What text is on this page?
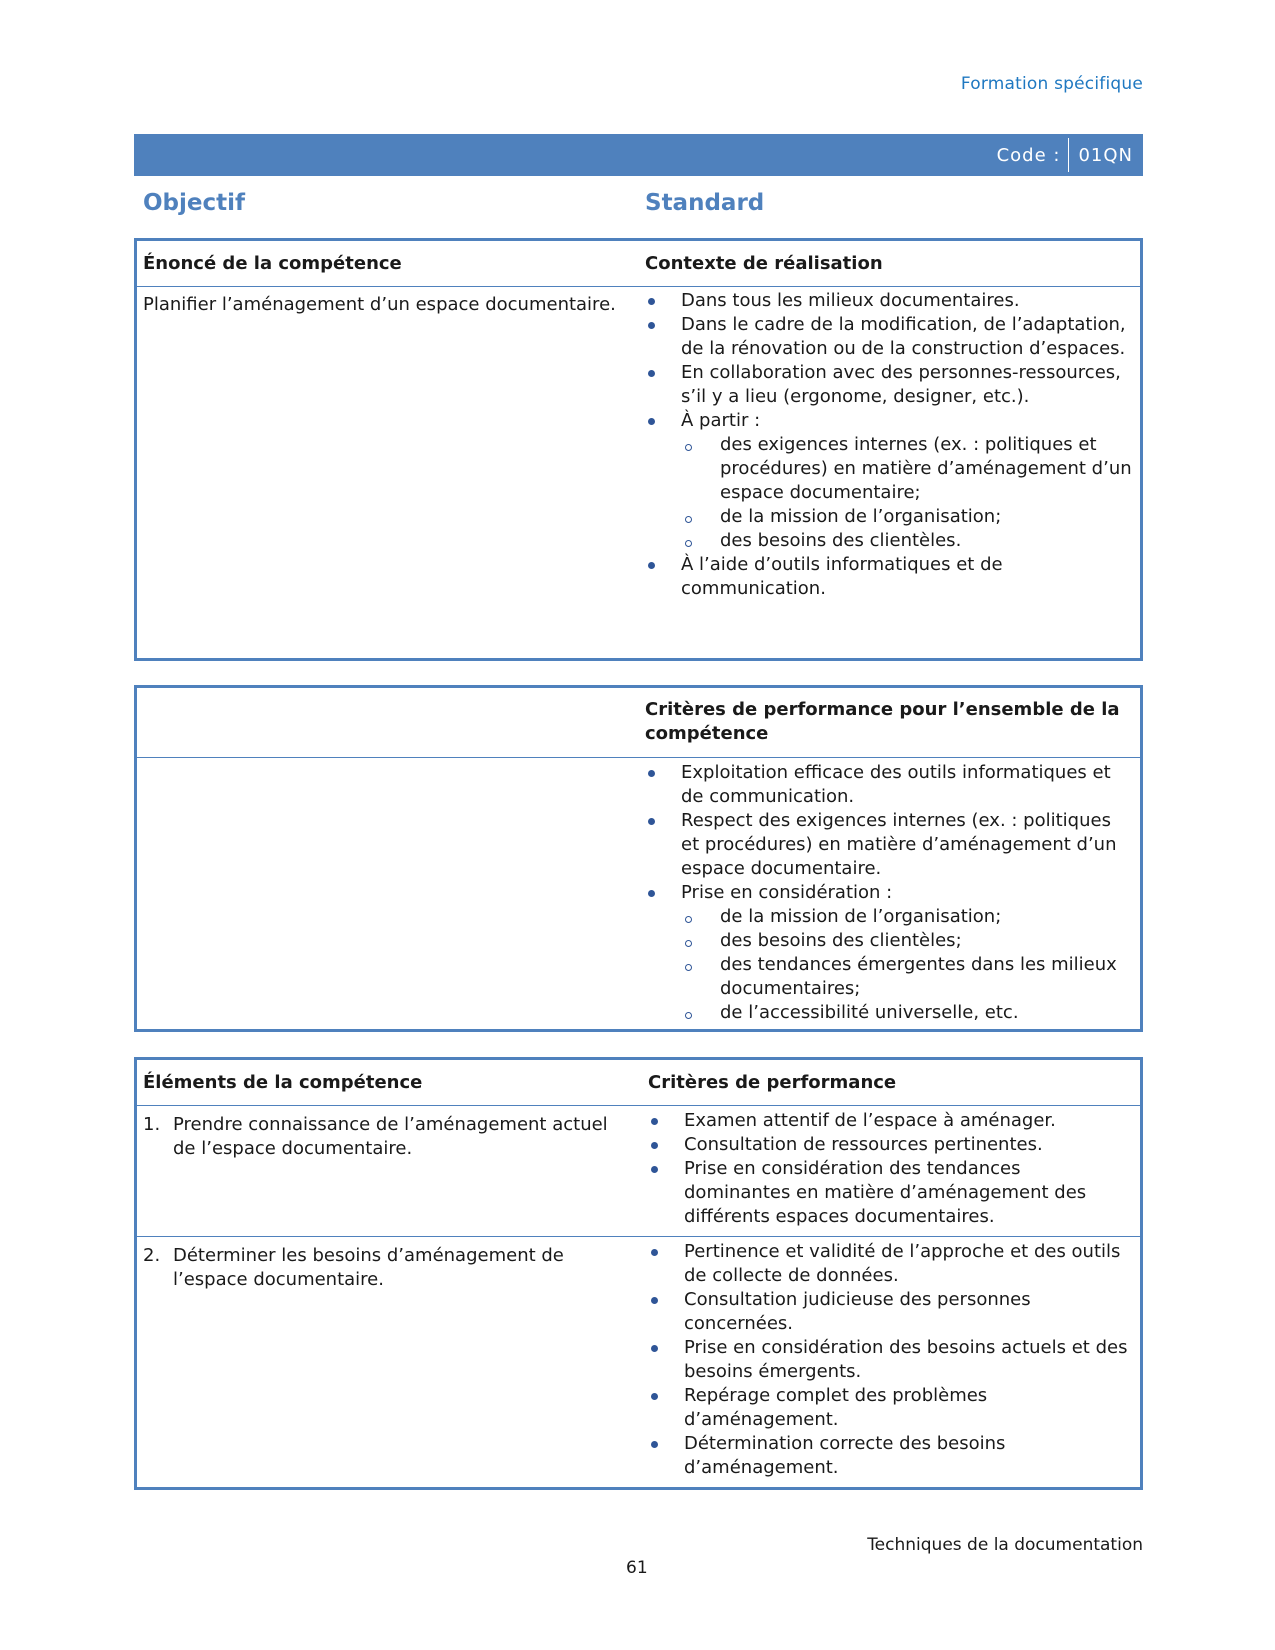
Formation spécifique
Code :	01QN
Objectif	Standard
Énoncé de la compétence	Contexte de réalisation
Planifier l’aménagement d’un espace documentaire.	Dans tous les milieux documentaires.
Dans le cadre de la modification, de l’adaptation, de la rénovation ou de la construction d’espaces.
En collaboration avec des personnes-ressources, s’il y a lieu (ergonome, designer, etc.).
À partir :
des exigences internes (ex. : politiques et procédures) en matière d’aménagement d’un espace documentaire;
de la mission de l’organisation;
des besoins des clientèles.
À l’aide d’outils informatiques et de communication.
Critères de performance pour l’ensemble de la compétence
Exploitation efficace des outils informatiques et de communication.
Respect des exigences internes (ex. : politiques et procédures) en matière d’aménagement d’un espace documentaire.
Prise en considération :
de la mission de l’organisation;
des besoins des clientèles;
des tendances émergentes dans les milieux documentaires;
de l’accessibilité universelle, etc.
Éléments de la compétence	Critères de performance
1. Prendre connaissance de l’aménagement actuel de l’espace documentaire.
Examen attentif de l’espace à aménager.
Consultation de ressources pertinentes.
Prise en considération des tendances dominantes en matière d’aménagement des différents espaces documentaires.
2. Déterminer les besoins d’aménagement de l’espace documentaire.
Pertinence et validité de l’approche et des outils de collecte de données.
Consultation judicieuse des personnes concernées.
Prise en considération des besoins actuels et des besoins émergents.
Repérage complet des problèmes d’aménagement.
Détermination correcte des besoins d’aménagement.
Techniques de la documentation
61
